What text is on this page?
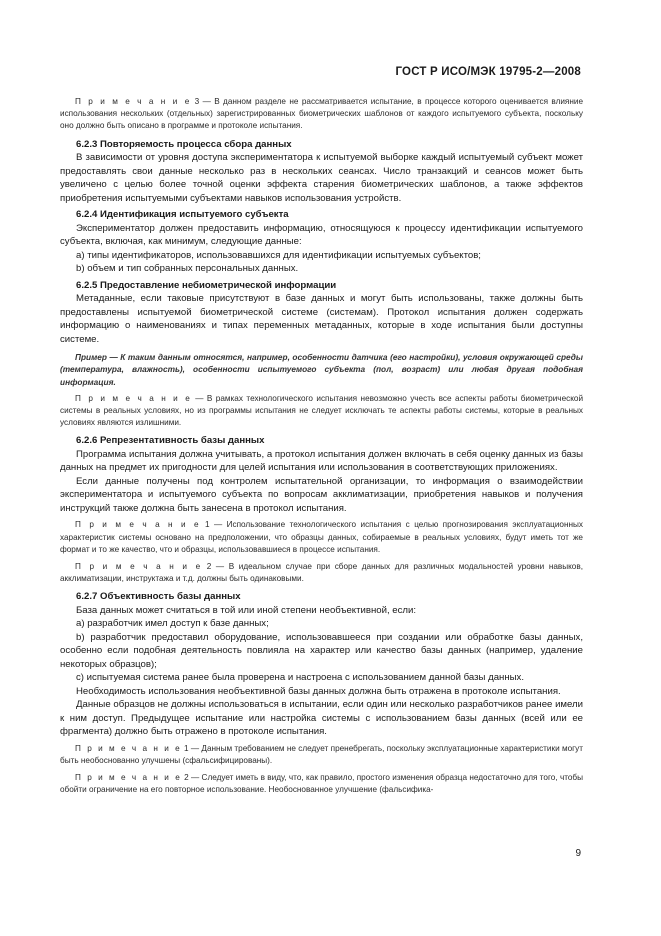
ГОСТ Р ИСО/МЭК 19795-2—2008

П р и м е ч а н и е 3 — В данном разделе не рассматривается испытание, в процессе которого оценивается влияние использования нескольких (отдельных) зарегистрированных биометрических шаблонов от каждого испытуемого субъекта, поскольку оно должно быть описано в программе и протоколе испытания.

6.2.3 Повторяемость процесса сбора данных

В зависимости от уровня доступа экспериментатора к испытуемой выборке каждый испытуемый субъект может предоставлять свои данные несколько раз в нескольких сеансах. Число транзакций и сеансов может быть увеличено с целью более точной оценки эффекта старения биометрических шаблонов, а также эффектов приобретения испытуемыми субъектами навыков использования устройств.

6.2.4 Идентификация испытуемого субъекта

Экспериментатор должен предоставить информацию, относящуюся к процессу идентификации испытуемого субъекта, включая, как минимум, следующие данные:

a) типы идентификаторов, использовавшихся для идентификации испытуемых субъектов;

b) объем и тип собранных персональных данных.

6.2.5 Предоставление небиометрической информации

Метаданные, если таковые присутствуют в базе данных и могут быть использованы, также должны быть предоставлены испытуемой биометрической системе (системам). Протокол испытания должен содержать информацию о наименованиях и типах переменных метаданных, которые в ходе испытания были доступны системе.

Пример — К таким данным относятся, например, особенности датчика (его настройки), условия окружающей среды (температура, влажность), особенности испытуемого субъекта (пол, возраст) или любая другая подобная информация.

П р и м е ч а н и е — В рамках технологического испытания невозможно учесть все аспекты работы биометрической системы в реальных условиях, но из программы испытания не следует исключать те аспекты работы системы, которые в реальных условиях являются излишними.

6.2.6 Репрезентативность базы данных

Программа испытания должна учитывать, а протокол испытания должен включать в себя оценку данных из базы данных на предмет их пригодности для целей испытания или использования в соответствующих приложениях.

Если данные получены под контролем испытательной организации, то информация о взаимодействии экспериментатора и испытуемого субъекта по вопросам акклиматизации, приобретения навыков и получения инструкций также должна быть занесена в протокол испытания.

П р и м е ч а н и е 1 — Использование технологического испытания с целью прогнозирования эксплуатационных характеристик системы основано на предположении, что образцы данных, собираемые в реальных условиях, будут иметь тот же формат и то же качество, что и образцы, использовавшиеся в процессе испытания.

П р и м е ч а н и е 2 — В идеальном случае при сборе данных для различных модальностей уровни навыков, акклиматизации, инструктажа и т.д. должны быть одинаковыми.

6.2.7 Объективность базы данных

База данных может считаться в той или иной степени необъективной, если:

a) разработчик имел доступ к базе данных;

b) разработчик предоставил оборудование, использовавшееся при создании или обработке базы данных, особенно если подобная деятельность повлияла на характер или качество базы данных (например, удаление некоторых образцов);

c) испытуемая система ранее была проверена и настроена с использованием данной базы данных.

Необходимость использования необъективной базы данных должна быть отражена в протоколе испытания.

Данные образцов не должны использоваться в испытании, если один или несколько разработчиков ранее имели к ним доступ. Предыдущее испытание или настройка системы с использованием базы данных (всей или ее фрагмента) должно быть отражено в протоколе испытания.

П р и м е ч а н и е 1 — Данным требованием не следует пренебрегать, поскольку эксплуатационные характеристики могут быть необоснованно улучшены (сфальсифицированы).

П р и м е ч а н и е 2 — Следует иметь в виду, что, как правило, простого изменения образца недостаточно для того, чтобы обойти ограничение на его повторное использование. Необоснованное улучшение (фальсифика-

9
